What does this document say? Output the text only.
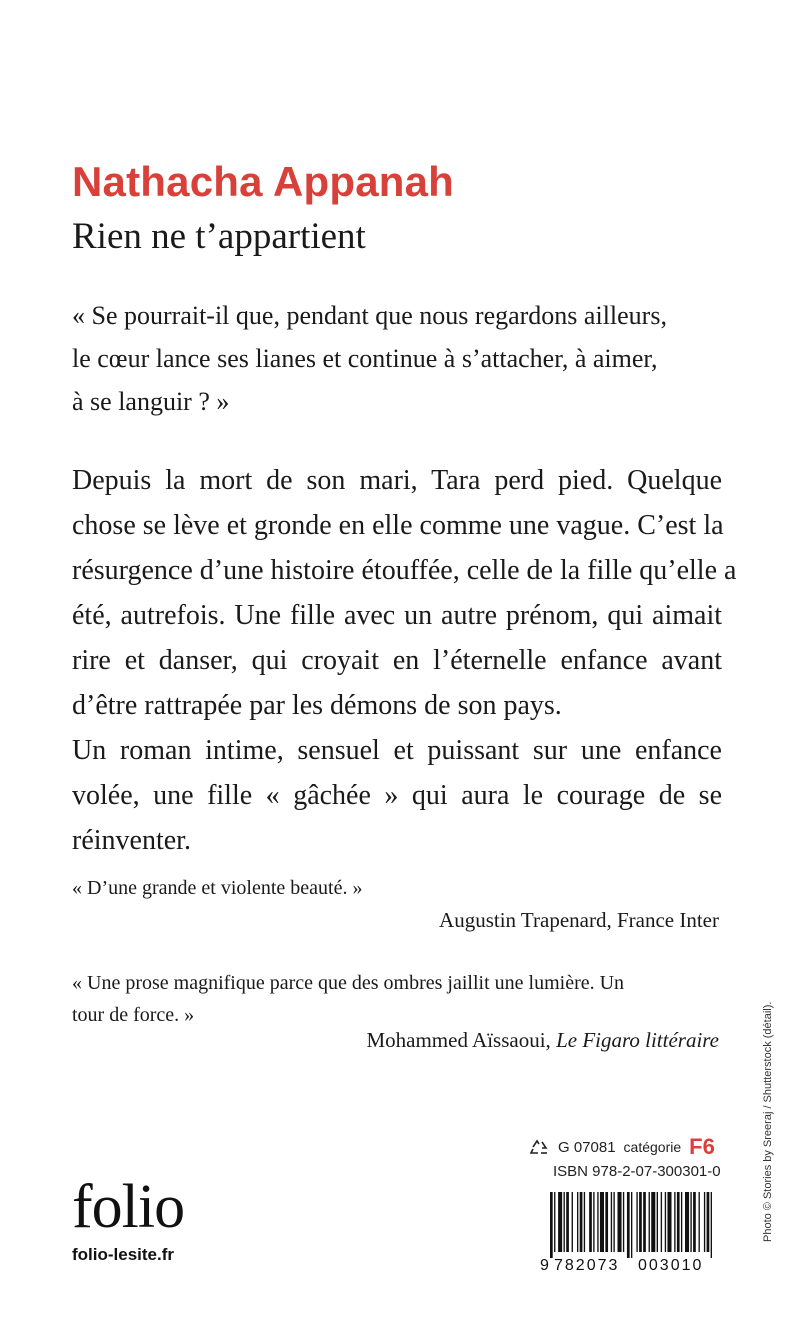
Nathacha Appanah
Rien ne t’appartient
« Se pourrait-il que, pendant que nous regardons ailleurs,
le cœur lance ses lianes et continue à s’attacher, à aimer,
à se languir ? »
Depuis la mort de son mari, Tara perd pied. Quelque
chose se lève et gronde en elle comme une vague. C’est la
résurgence d’une histoire étouffée, celle de la fille qu’elle a
été, autrefois. Une fille avec un autre prénom, qui aimait
rire et danser, qui croyait en l’éternelle enfance avant
d’être rattrapée par les démons de son pays.
Un roman intime, sensuel et puissant sur une enfance
volée, une fille « gâchée » qui aura le courage de se
réinventer.
« D’une grande et violente beauté. »
Augustin Trapenard, France Inter
« Une prose magnifique parce que des ombres jaillit une lumière. Un
tour de force. »
Mohammed Aïssaoui, Le Figaro littéraire
folio
folio-lesite.fr
G 07081 catégorie F6
ISBN 978-2-07-300301-0
9 782073 003010
Photo © Stories by Sreeraj / Shutterstock (détail).
